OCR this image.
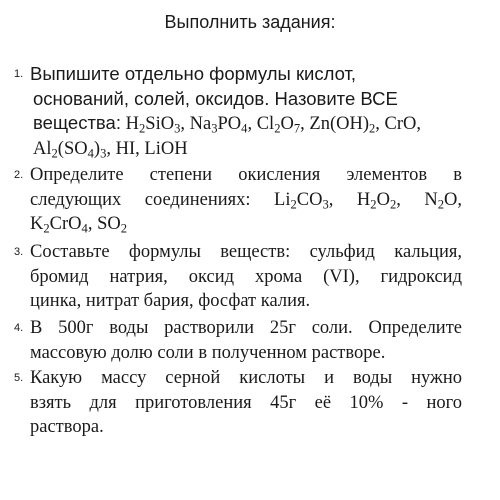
Выполнить задания:
1. Выпишите отдельно формулы кислот,
оснований, солей, оксидов. Назовите ВСЕ
вещества: $H_2SiO_3$, $Na_3PO_4$, $Cl_2O_7$, $Zn(OH)_2$, CrO,
$Al_2(SO_4)_3$, HI, LiOH
2. Определите степени окисления элементов в
следующих соединениях: $Li_2CO_3$, $H_2O_2$, $N_2O$,
$K_2CrO_4$, $SO_2$
3. Составьте формулы веществ: сульфид кальция,
бромид натрия, оксид хрома (VI), гидроксид
цинка, нитрат бария, фосфат калия.
4. В 500г воды растворили 25г соли. Определите
массовую долю соли в полученном растворе.
5. Какую массу серной кислоты и воды нужно
взять для приготовления 45г её 10% - ного
раствора.
